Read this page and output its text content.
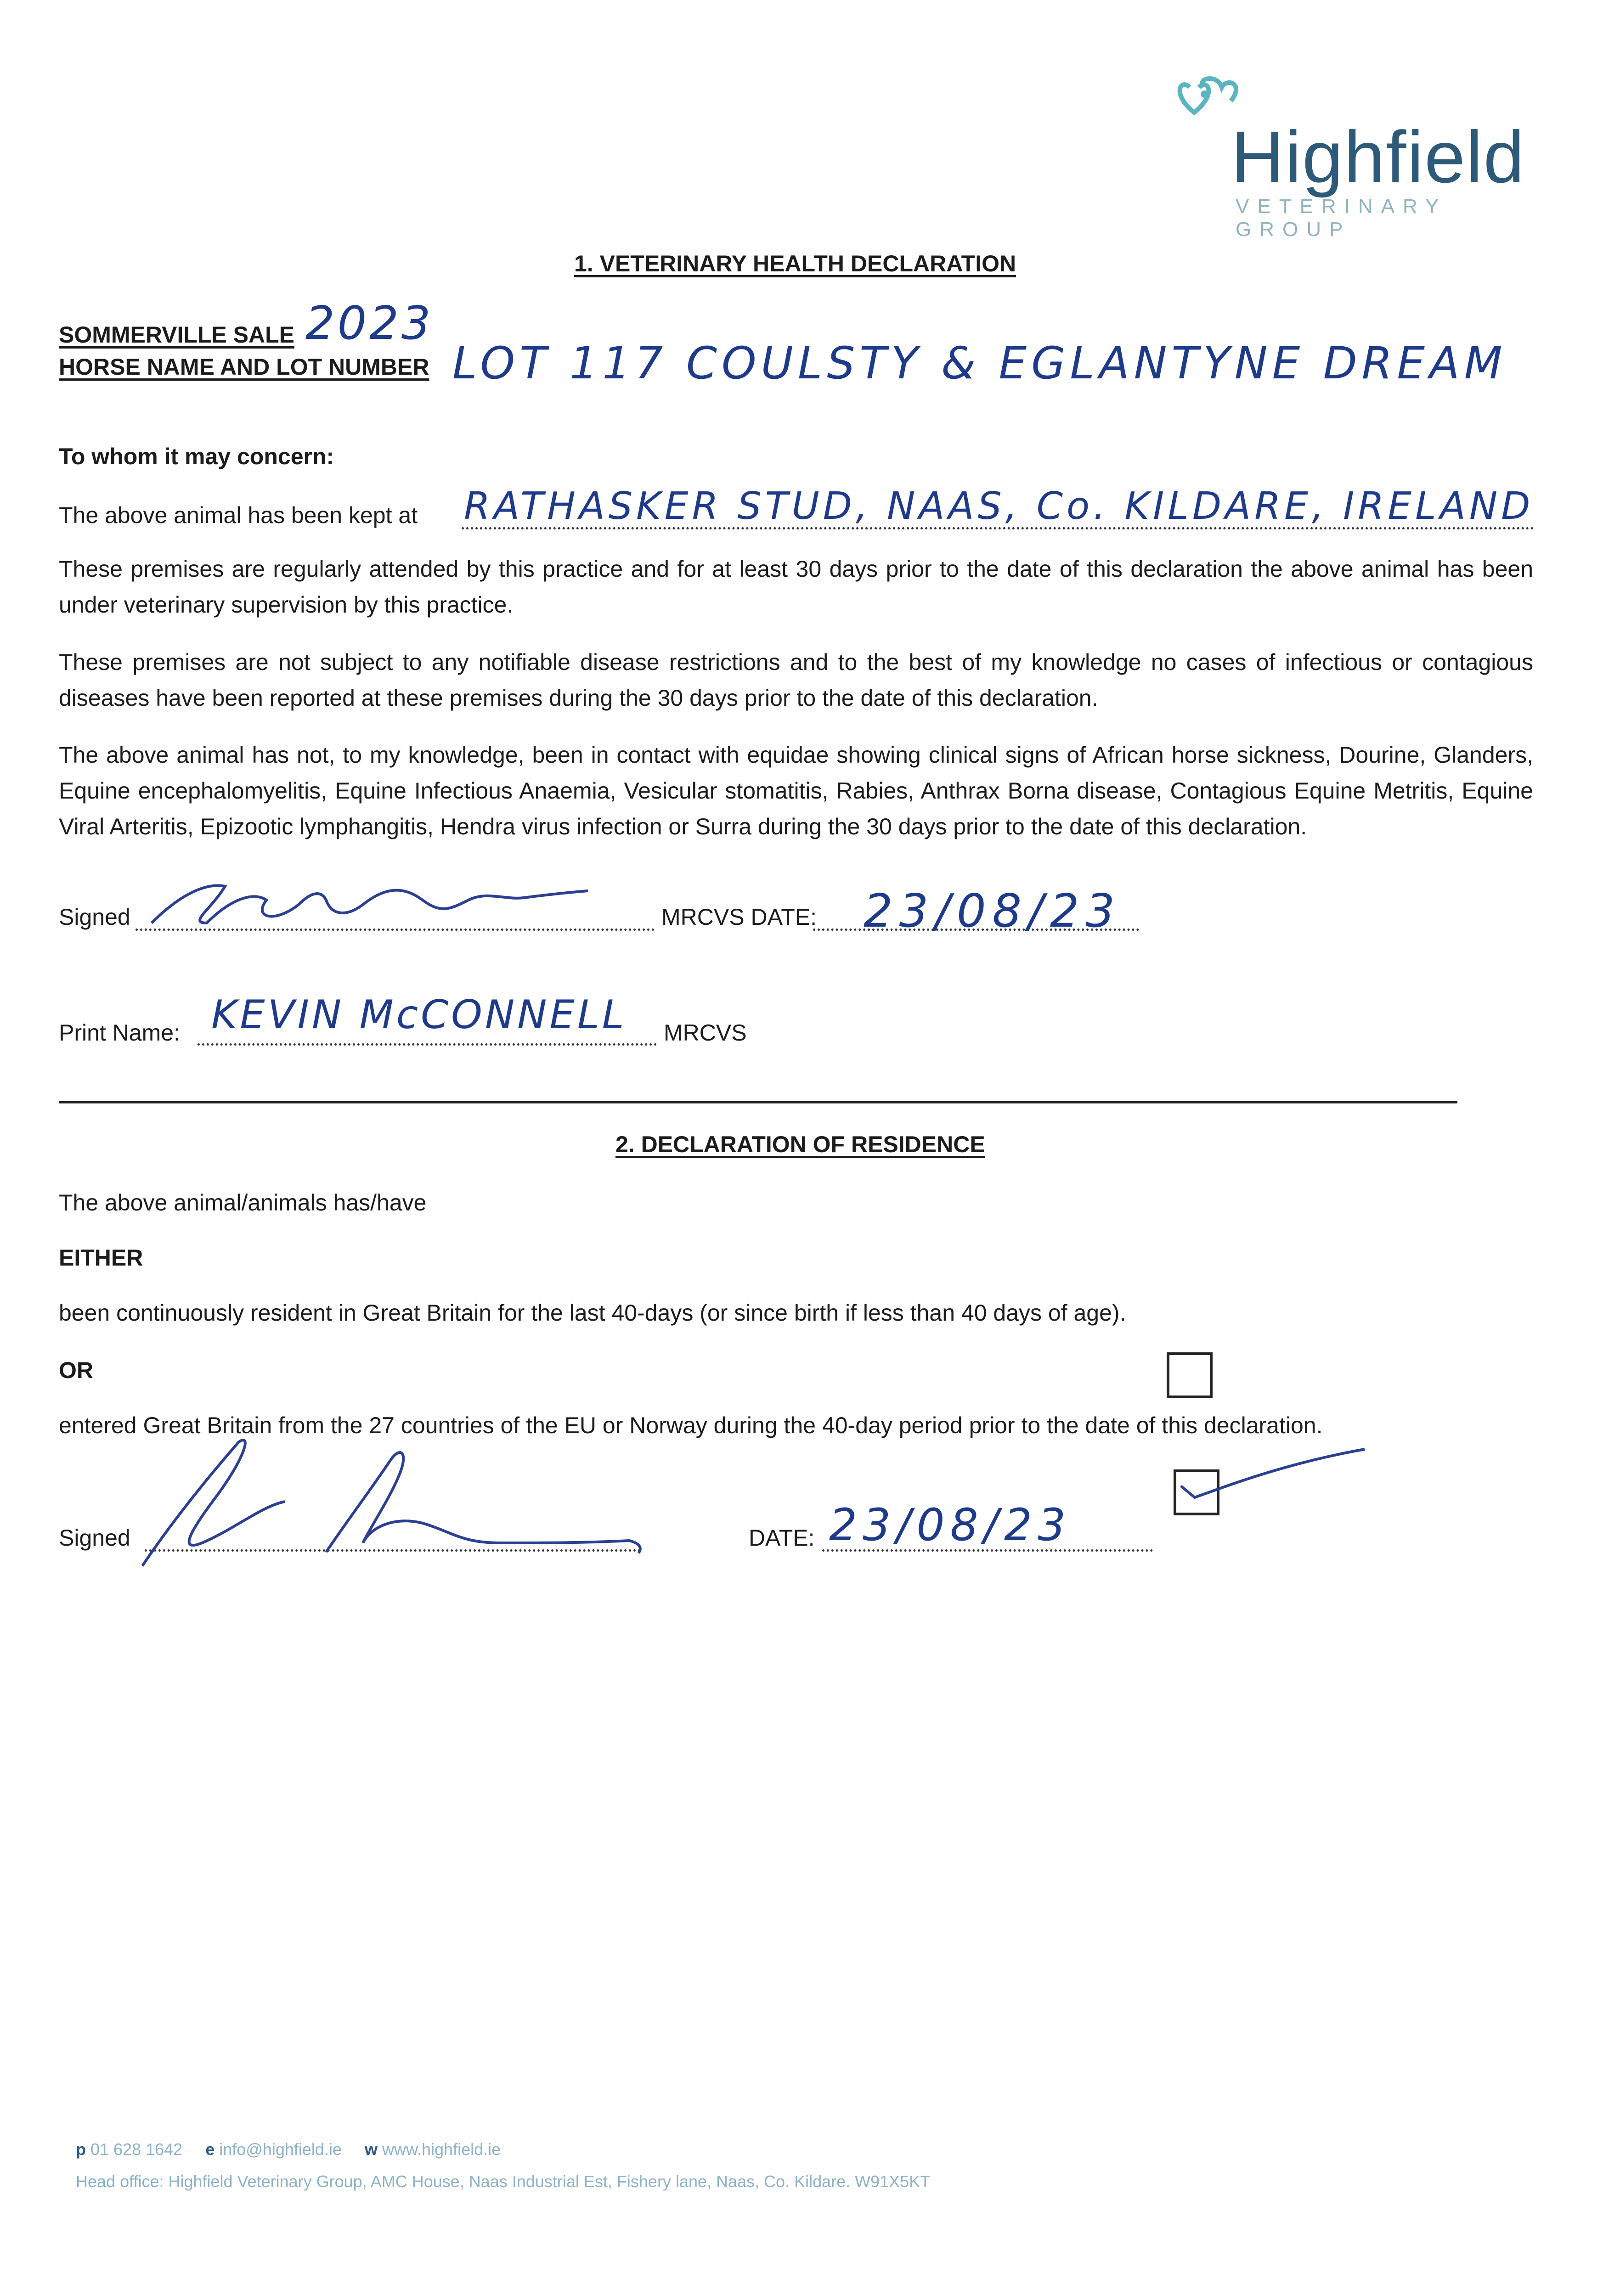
Highfield
VETERINARY GROUP
1. VETERINARY HEALTH DECLARATION
SOMMERVILLE SALE 2023
HORSE NAME AND LOT NUMBER LOT 117 COULSTY & EGLANTYNE DREAM
To whom it may concern:
The above animal has been kept at RATHASKER STUD, NAAS, Co. KILDARE, IRELAND
These premises are regularly attended by this practice and for at least 30 days prior to the date of this declaration the above animal has been under veterinary supervision by this practice.
These premises are not subject to any notifiable disease restrictions and to the best of my knowledge no cases of infectious or contagious diseases have been reported at these premises during the 30 days prior to the date of this declaration.
The above animal has not, to my knowledge, been in contact with equidae showing clinical signs of African horse sickness, Dourine, Glanders, Equine encephalomyelitis, Equine Infectious Anaemia, Vesicular stomatitis, Rabies, Anthrax Borna disease, Contagious Equine Metritis, Equine Viral Arteritis, Epizootic lymphangitis, Hendra virus infection or Surra during the 30 days prior to the date of this declaration.
Signed	MRCVS DATE: 23/08/23
Print Name: KEVIN McCONNELL MRCVS
2. DECLARATION OF RESIDENCE
The above animal/animals has/have
EITHER
been continuously resident in Great Britain for the last 40-days (or since birth if less than 40 days of age).
OR
entered Great Britain from the 27 countries of the EU or Norway during the 40-day period prior to the date of this declaration.
Signed	DATE: 23/08/23
p 01 628 1642 e info@highfield.ie w www.highfield.ie
Head office: Highfield Veterinary Group, AMC House, Naas Industrial Est, Fishery lane, Naas, Co. Kildare. W91X5KT
